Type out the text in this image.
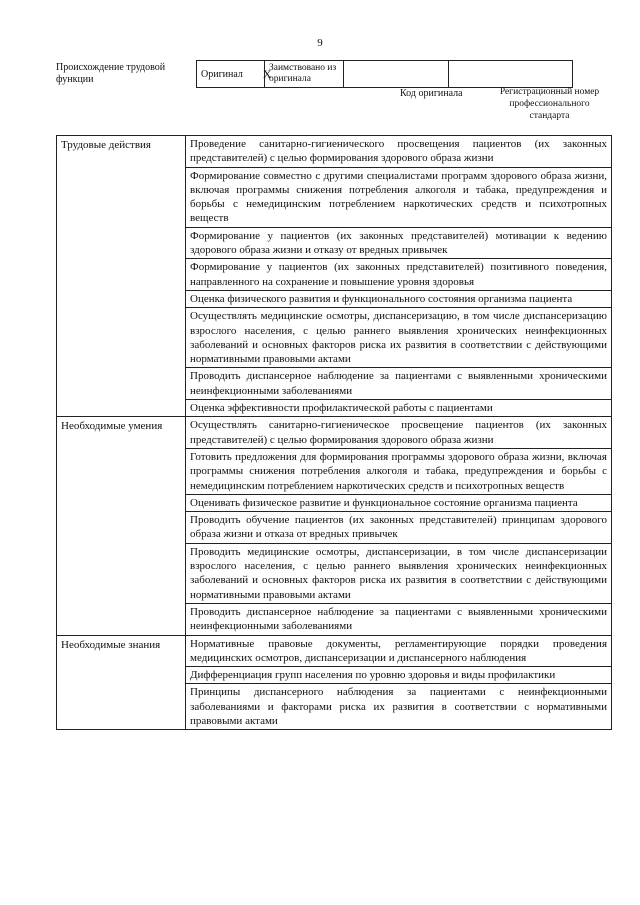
9
Происхождение трудовой функции	Оригинал X
Заимствовано из оригинала
Код оригинала	Регистрационный номер профессионального стандарта
Трудовые действия	Проведение санитарно-гигиенического просвещения пациентов (их законных представителей) с целью формирования здорового образа жизни
	Формирование совместно с другими специалистами программ здорового образа жизни, включая программы снижения потребления алкоголя и табака, предупреждения и борьбы с немедицинским потреблением наркотических средств и психотропных веществ
	Формирование у пациентов (их законных представителей) мотивации к ведению здорового образа жизни и отказу от вредных привычек
	Формирование у пациентов (их законных представителей) позитивного поведения, направленного на сохранение и повышение уровня здоровья
	Оценка физического развития и функционального состояния организма пациента
	Осуществлять медицинские осмотры, диспансеризацию, в том числе диспансеризацию взрослого населения, с целью раннего выявления хронических неинфекционных заболеваний и основных факторов риска их развития в соответствии с действующими нормативными правовыми актами
	Проводить диспансерное наблюдение за пациентами с выявленными хроническими неинфекционными заболеваниями
	Оценка эффективности профилактической работы с пациентами

Необходимые умения	Осуществлять санитарно-гигиеническое просвещение пациентов (их законных представителей) с целью формирования здорового образа жизни
	Готовить предложения для формирования программы здорового образа жизни, включая программы снижения потребления алкоголя и табака, предупреждения и борьбы с немедицинским потреблением наркотических средств и психотропных веществ
	Оценивать физическое развитие и функциональное состояние организма пациента
	Проводить обучение пациентов (их законных представителей) принципам здорового образа жизни и отказа от вредных привычек
	Проводить медицинские осмотры, диспансеризации, в том числе диспансеризации взрослого населения, с целью раннего выявления хронических неинфекционных заболеваний и основных факторов риска их развития в соответствии с действующими нормативными правовыми актами
	Проводить диспансерное наблюдение за пациентами с выявленными хроническими неинфекционными заболеваниями

Необходимые знания	Нормативные правовые документы, регламентирующие порядки проведения медицинских осмотров, диспансеризации и диспансерного наблюдения
	Дифференциация групп населения по уровню здоровья и виды профилактики
	Принципы диспансерного наблюдения за пациентами с неинфекционными заболеваниями и факторами риска их развития в соответствии с нормативными правовыми актами
